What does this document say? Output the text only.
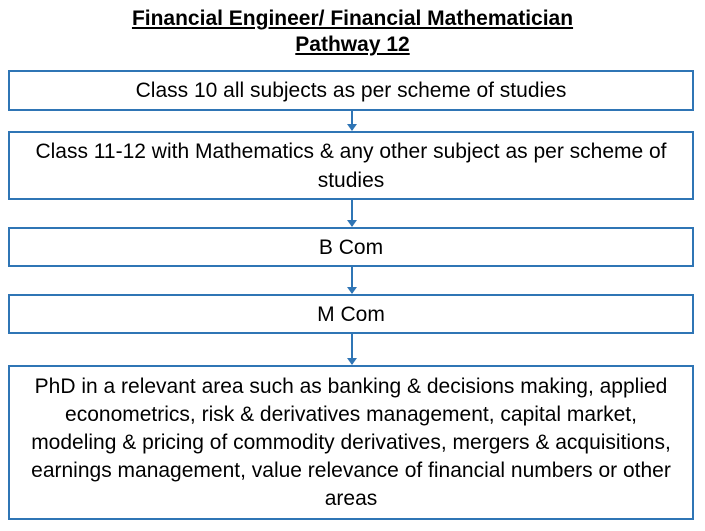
Financial Engineer/ Financial Mathematician
Pathway 12
Class 10 all subjects as per scheme of studies
Class 11-12 with Mathematics & any other subject as per scheme of studies
B Com
M Com
PhD in a relevant area such as banking & decisions making, applied econometrics, risk & derivatives management, capital market, modeling & pricing of commodity derivatives, mergers & acquisitions, earnings management, value relevance of financial numbers or other areas
